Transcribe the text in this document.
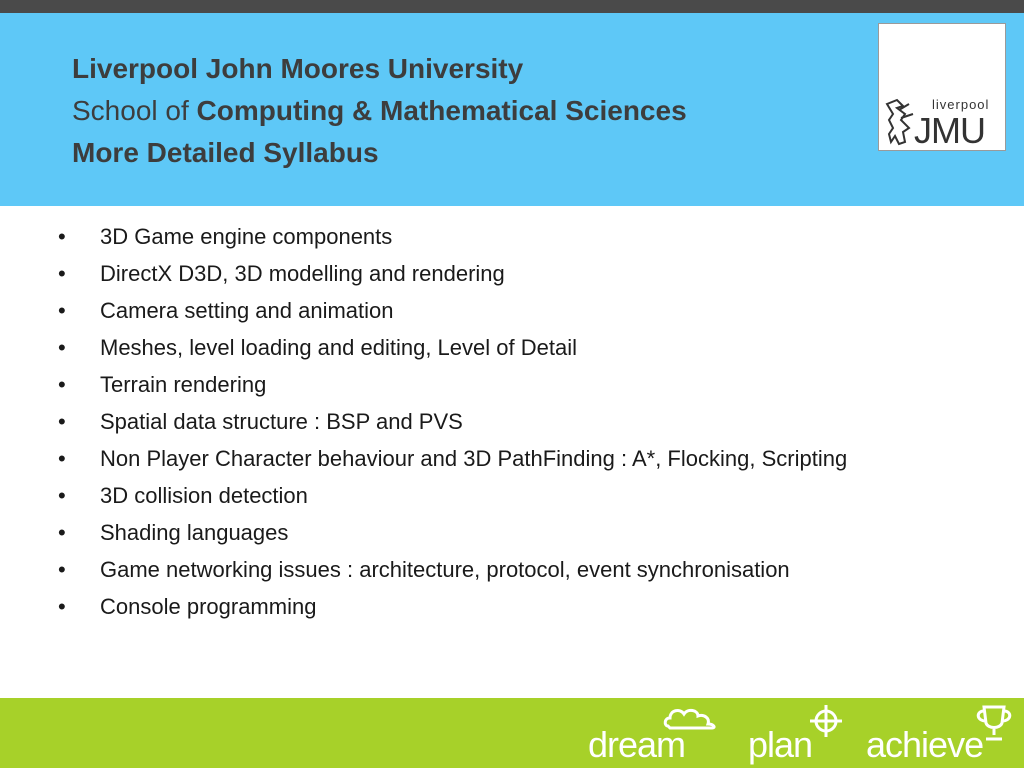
Liverpool John Moores University
School of Computing & Mathematical Sciences
More Detailed Syllabus
liverpool
JMU
• 3D Game engine components
• DirectX D3D, 3D modelling and rendering
• Camera setting and animation
• Meshes, level loading and editing, Level of Detail
• Terrain rendering
• Spatial data structure : BSP and PVS
• Non Player Character behaviour and 3D PathFinding : A*, Flocking, Scripting
• 3D collision detection
• Shading languages
• Game networking issues : architecture, protocol, event synchronisation
• Console programming
dream plan achieve
